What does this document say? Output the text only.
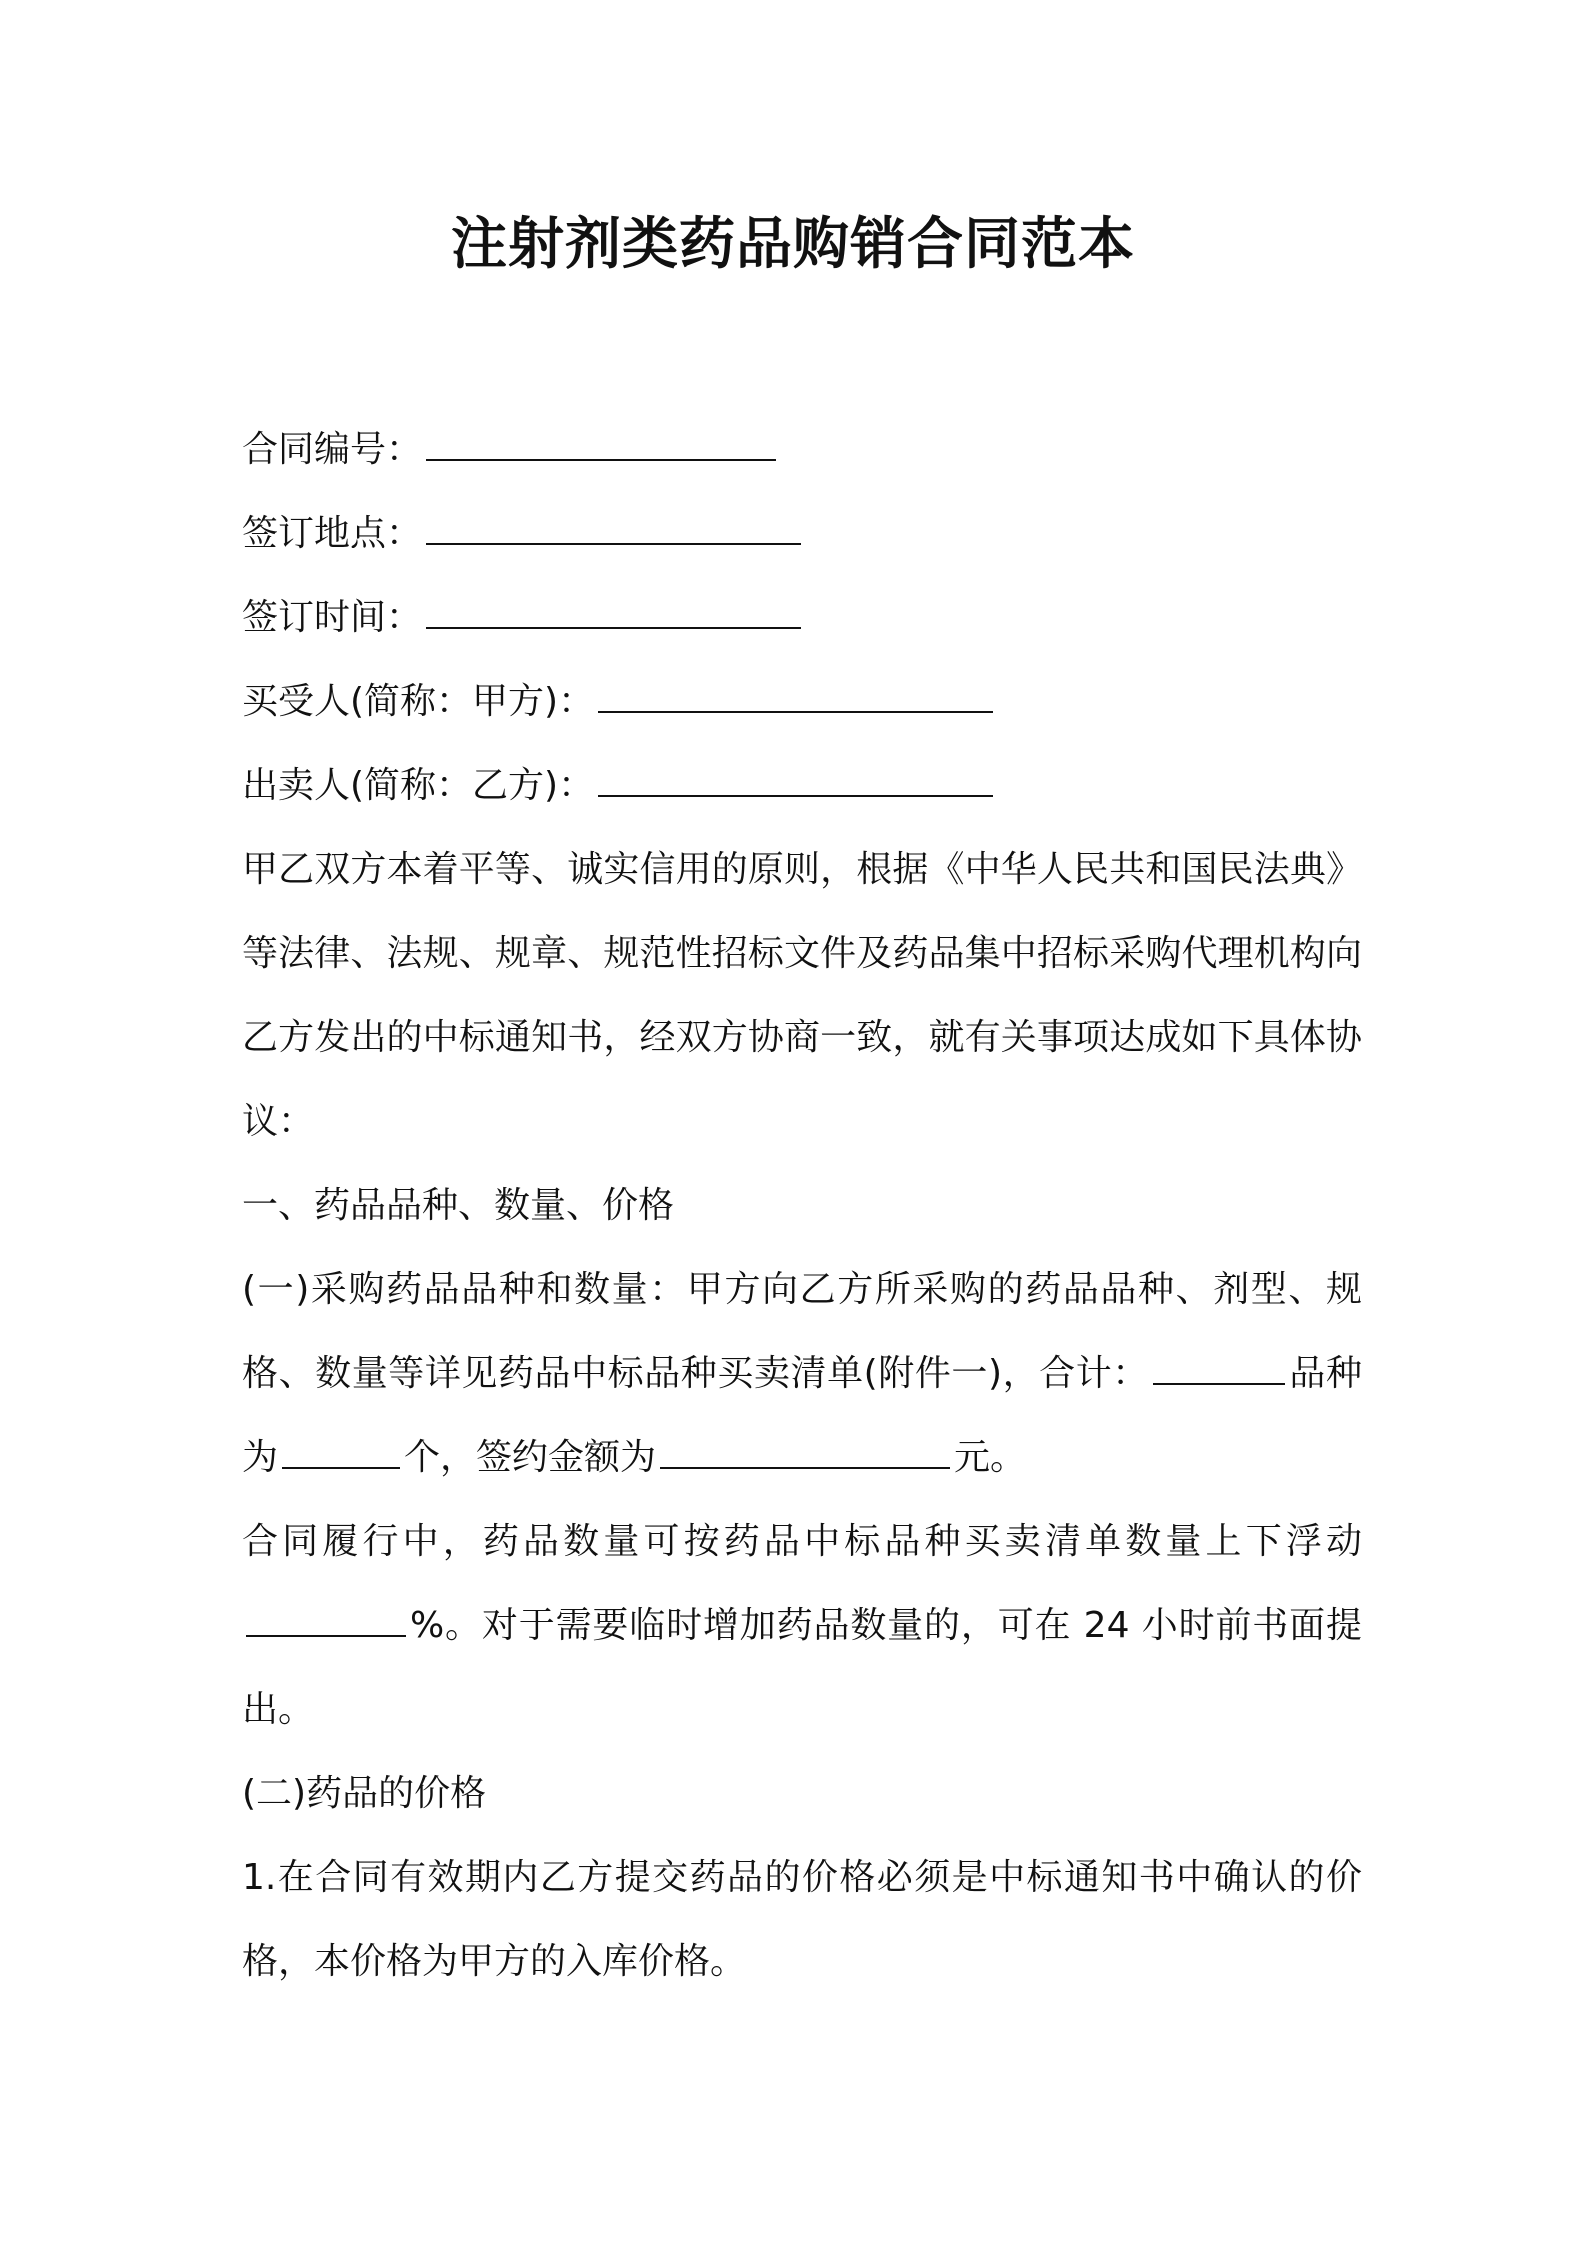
注射剂类药品购销合同范本
合同编号：
签订地点：
签订时间：
买受人(简称：甲方)：
出卖人(简称：乙方)：
甲乙双方本着平等、诚实信用的原则，根据《中华人民共和国民法典》等法律、法规、规章、规范性招标文件及药品集中招标采购代理机构向乙方发出的中标通知书，经双方协商一致，就有关事项达成如下具体协议：
一、药品品种、数量、价格
(一)采购药品品种和数量：甲方向乙方所采购的药品品种、剂型、规格、数量等详见药品中标品种买卖清单(附件一)，合计：	品种为	个，签约金额为	元。
合同履行中，药品数量可按药品中标品种买卖清单数量上下浮动%。对于需要临时增加药品数量的，可在 24 小时前书面提出。
(二)药品的价格
1.在合同有效期内乙方提交药品的价格必须是中标通知书中确认的价格，本价格为甲方的入库价格。
